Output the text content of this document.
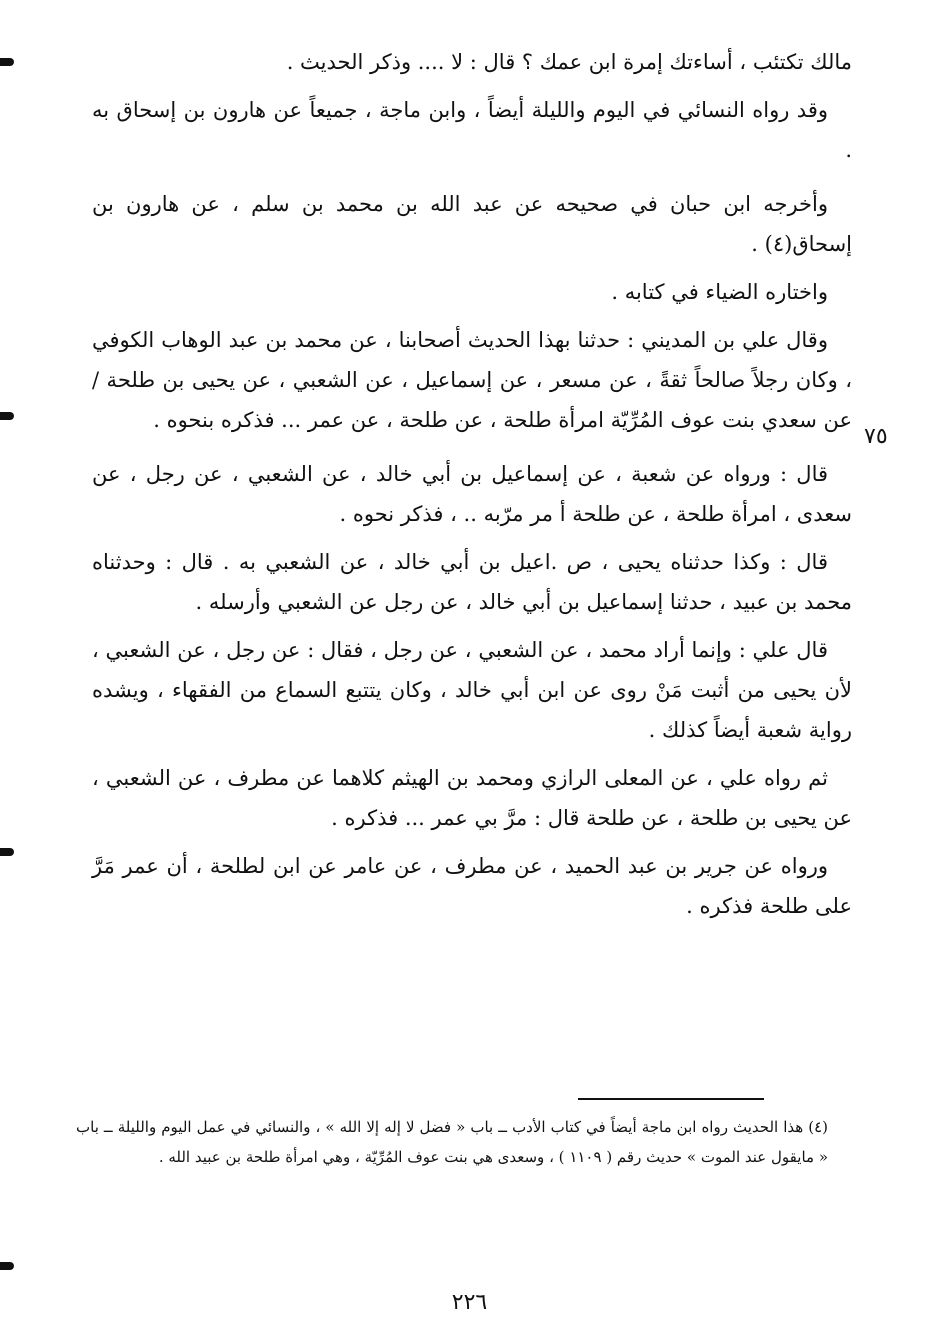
مالك تكتئب ، أساءتك إمرة ابن عمك ؟ قال : لا .... وذكر الحديث .

وقد رواه النسائي في اليوم والليلة أيضاً ، وابن ماجة ، جميعاً عن هارون بن إسحاق به .

وأخرجه ابن حبان في صحيحه عن عبد الله بن محمد بن سلم ، عن هارون بن إسحاق(٤) .

واختاره الضياء في كتابه .

وقال علي بن المديني : حدثنا بهذا الحديث أصحابنا ، عن محمد بن عبد الوهاب الكوفي ، وكان رجلاً صالحاً ثقةً ، عن مسعر ، عن إسماعيل ، عن الشعبي ، عن يحيى بن طلحة / عن سعدي بنت عوف المُرِّيّة امرأة طلحة ، عن طلحة ، عن عمر ... فذكره بنحوه .

قال : ورواه عن شعبة ، عن إسماعيل بن أبي خالد ، عن الشعبي ، عن رجل ، عن سعدى ، امرأة طلحة ، عن طلحة أ مر مرّبه .. ، فذكر نحوه .

قال : وكذا حدثناه يحيى ، ص .اعيل بن أبي خالد ، عن الشعبي به . قال : وحدثناه محمد بن عبيد ، حدثنا إسماعيل بن أبي خالد ، عن رجل عن الشعبي وأرسله .

قال علي : وإنما أراد محمد ، عن الشعبي ، عن رجل ، فقال : عن رجل ، عن الشعبي ، لأن يحيى من أثبت مَنْ روى عن ابن أبي خالد ، وكان يتتبع السماع من الفقهاء ، ويشده رواية شعبة أيضاً كذلك .

ثم رواه علي ، عن المعلى الرازي ومحمد بن الهيثم كلاهما عن مطرف ، عن الشعبي ، عن يحيى بن طلحة ، عن طلحة قال : مرَّ بي عمر ... فذكره .

ورواه عن جرير بن عبد الحميد ، عن مطرف ، عن عامر عن ابن لطلحة ، أن عمر مَرَّ على طلحة فذكره .

٧٥
(٤) هذا الحديث رواه ابن ماجة أيضاً في كتاب الأدب ــ باب « فضل لا إله إلا الله » ، والنسائي في عمل اليوم والليلة ــ باب « مايقول عند الموت » حديث رقم ( ١١٠٩ ) ، وسعدى هي بنت عوف المُرِّيّة ، وهي امرأة طلحة بن عبيد الله .
٢٢٦
